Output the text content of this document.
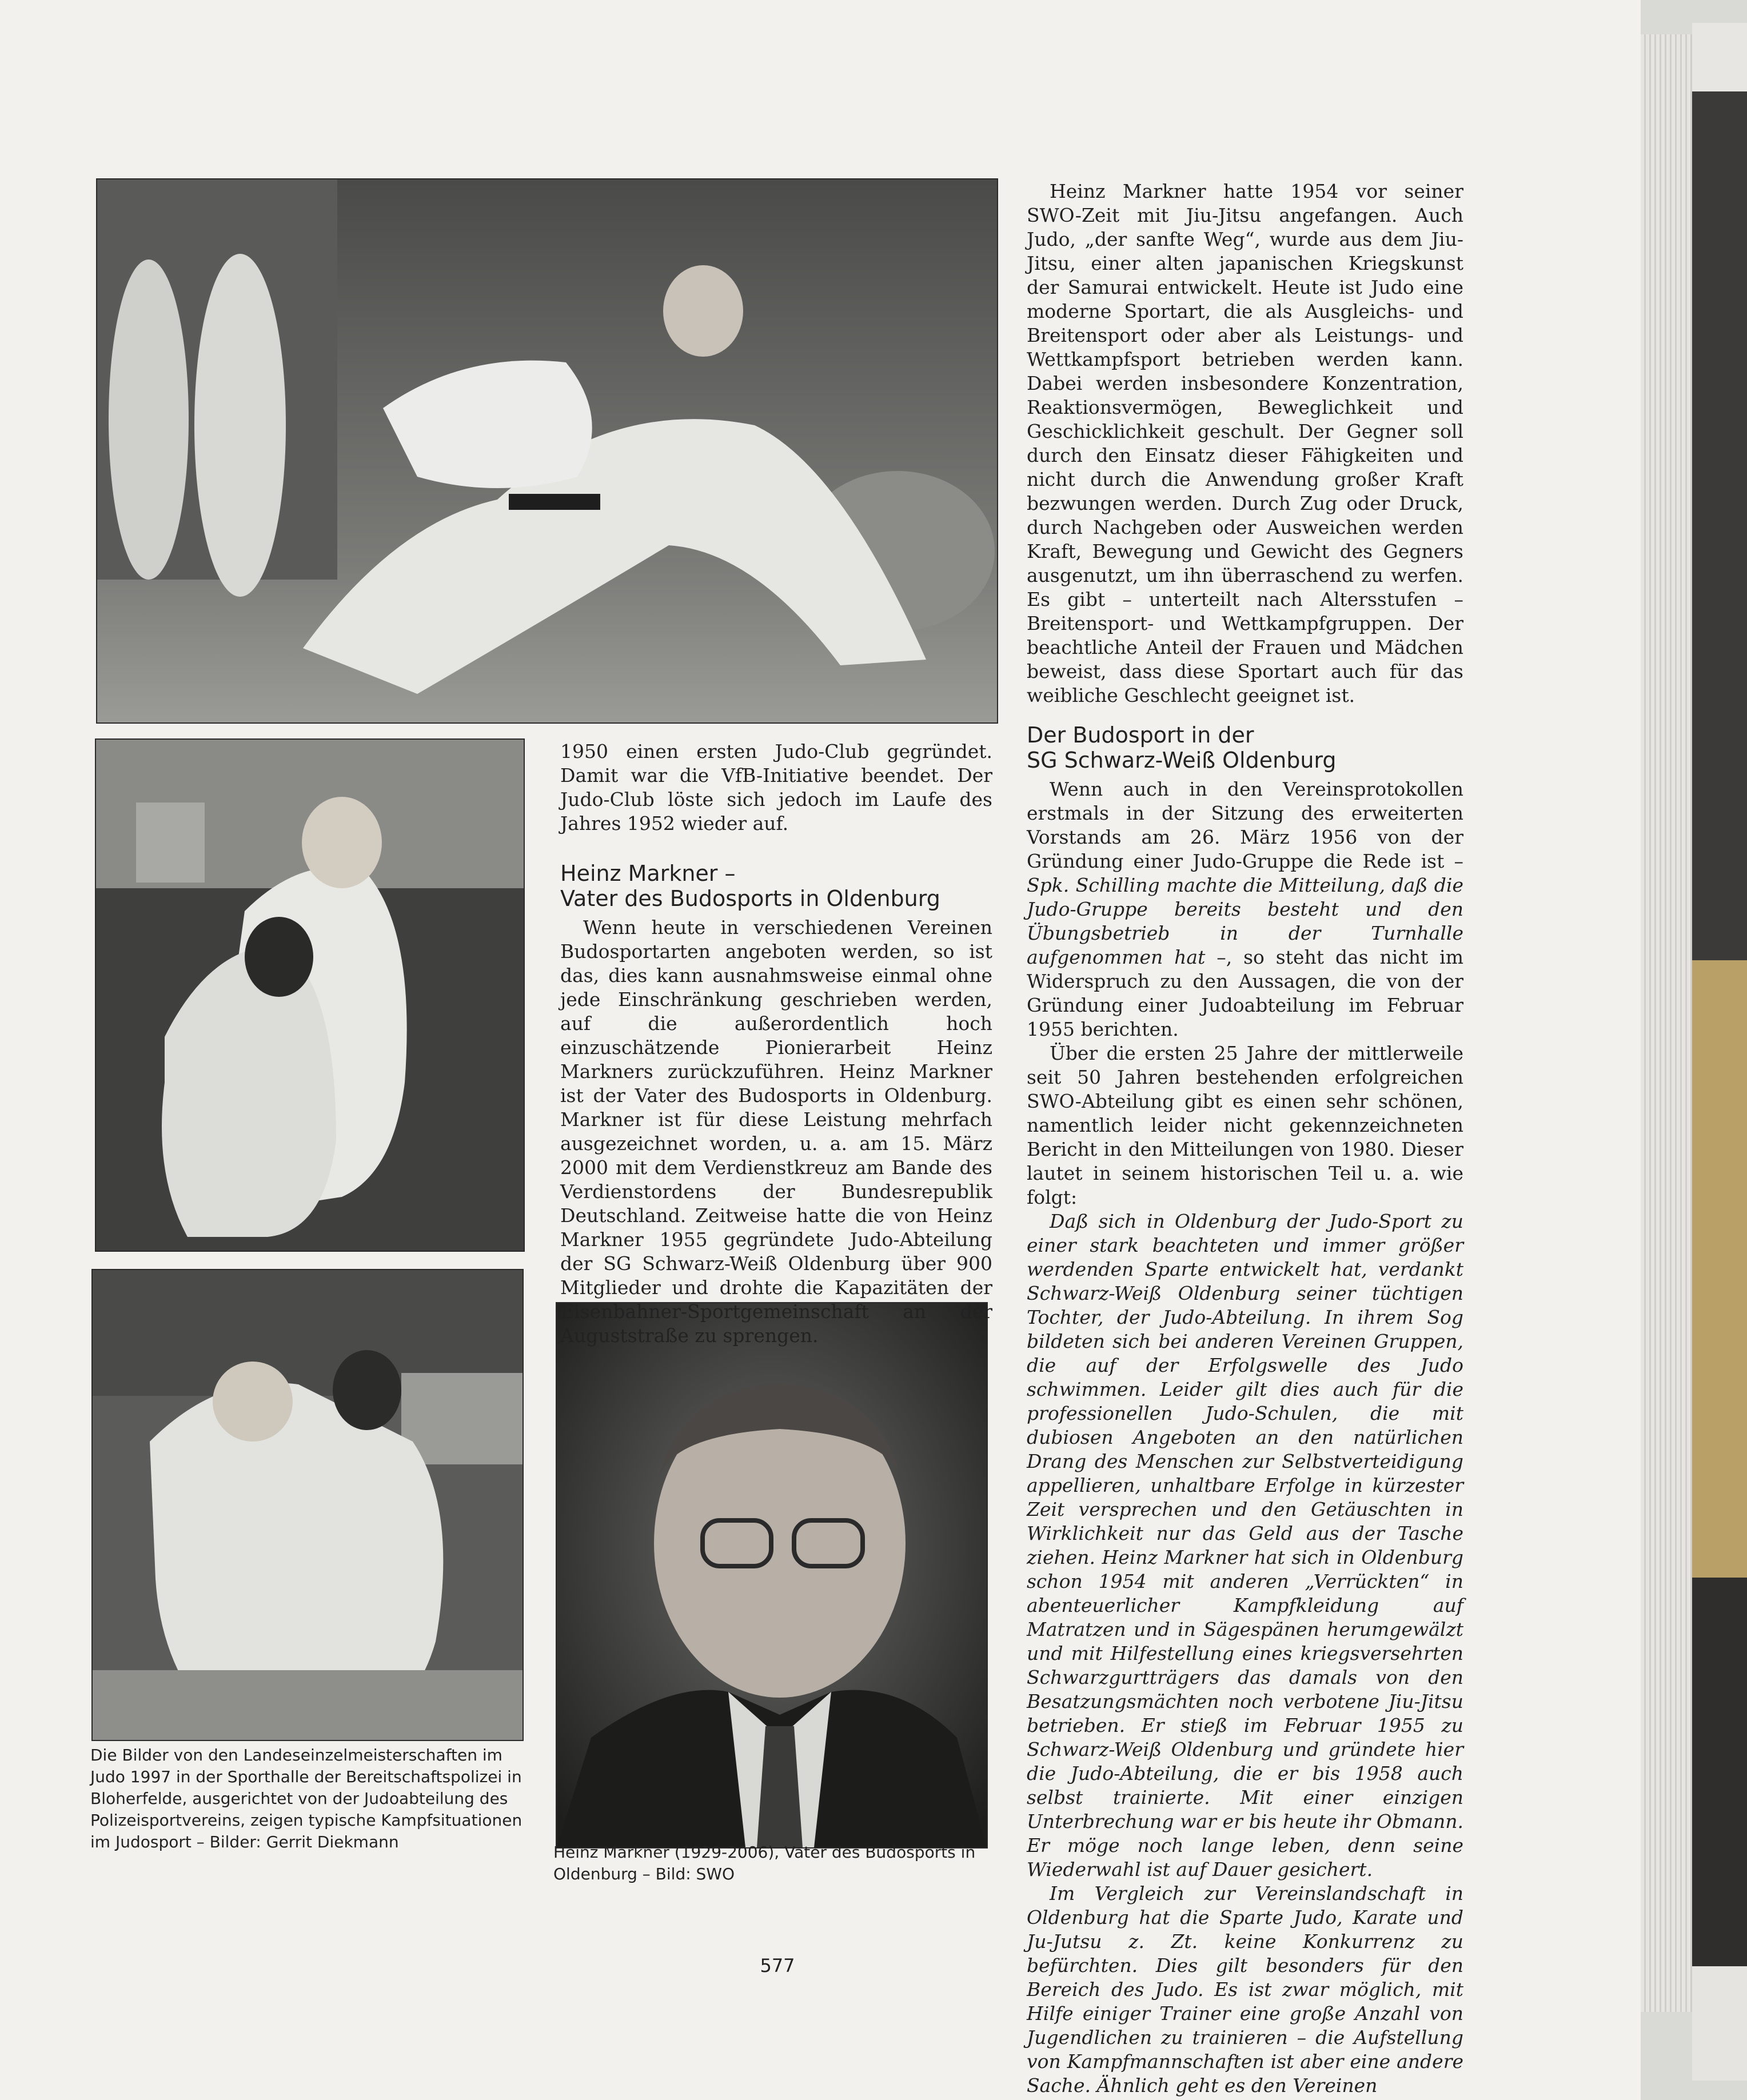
Heinz Markner hatte 1954 vor seiner SWO-Zeit mit Jiu-Jitsu angefangen. Auch Judo, „der sanfte Weg“, wurde aus dem Jiu-Jitsu, einer alten japanischen Kriegskunst der Samurai entwickelt. Heute ist Judo eine moderne Sportart, die als Ausgleichs- und Breitensport oder aber als Leistungs- und Wettkampfsport betrieben werden kann. Dabei werden insbesondere Konzentration, Reaktionsvermögen, Beweglichkeit und Geschicklichkeit geschult. Der Gegner soll durch den Einsatz dieser Fähigkeiten und nicht durch die Anwendung großer Kraft bezwungen werden. Durch Zug oder Druck, durch Nachgeben oder Ausweichen werden Kraft, Bewegung und Gewicht des Gegners ausgenutzt, um ihn überraschend zu werfen. Es gibt – unterteilt nach Altersstufen – Breitensport- und Wettkampfgruppen. Der beachtliche Anteil der Frauen und Mädchen beweist, dass diese Sportart auch für das weibliche Geschlecht geeignet ist.

Der Budosport in der
SG Schwarz-Weiß Oldenburg

Wenn auch in den Vereinsprotokollen erstmals in der Sitzung des erweiterten Vorstands am 26. März 1956 von der Gründung einer Judo-Gruppe die Rede ist – Spk. Schilling machte die Mitteilung, daß die Judo-Gruppe bereits besteht und den Übungsbetrieb in der Turnhalle aufgenommen hat –, so steht das nicht im Widerspruch zu den Aussagen, die von der Gründung einer Judoabteilung im Februar 1955 berichten.

Über die ersten 25 Jahre der mittlerweile seit 50 Jahren bestehenden erfolgreichen SWO-Abteilung gibt es einen sehr schönen, namentlich leider nicht gekennzeichneten Bericht in den Mitteilungen von 1980. Dieser lautet in seinem historischen Teil u. a. wie folgt:

Daß sich in Oldenburg der Judo-Sport zu einer stark beachteten und immer größer werdenden Sparte entwickelt hat, verdankt Schwarz-Weiß Oldenburg seiner tüchtigen Tochter, der Judo-Abteilung. In ihrem Sog bildeten sich bei anderen Vereinen Gruppen, die auf der Erfolgswelle des Judo schwimmen. Leider gilt dies auch für die professionellen Judo-Schulen, die mit dubiosen Angeboten an den natürlichen Drang des Menschen zur Selbstverteidigung appellieren, unhaltbare Erfolge in kürzester Zeit versprechen und den Getäuschten in Wirklichkeit nur das Geld aus der Tasche ziehen. Heinz Markner hat sich in Oldenburg schon 1954 mit anderen „Verrückten“ in abenteuerlicher Kampfkleidung auf Matratzen und in Sägespänen herumgewälzt und mit Hilfestellung eines kriegsversehrten Schwarzgurtträgers das damals von den Besatzungsmächten noch verbotene Jiu-Jitsu betrieben. Er stieß im Februar 1955 zu Schwarz-Weiß Oldenburg und gründete hier die Judo-Abteilung, die er bis 1958 auch selbst trainierte. Mit einer einzigen Unterbrechung war er bis heute ihr Obmann. Er möge noch lange leben, denn seine Wiederwahl ist auf Dauer gesichert.

Im Vergleich zur Vereinslandschaft in Oldenburg hat die Sparte Judo, Karate und Ju-Jutsu z. Zt. keine Konkurrenz zu befürchten. Dies gilt besonders für den Bereich des Judo. Es ist zwar möglich, mit Hilfe einiger Trainer eine große Anzahl von Jugendlichen zu trainieren – die Aufstellung von Kampfmannschaften ist aber eine andere Sache. Ähnlich geht es den Vereinen

1950 einen ersten Judo-Club gegründet. Damit war die VfB-Initiative beendet. Der Judo-Club löste sich jedoch im Laufe des Jahres 1952 wieder auf.

Heinz Markner –
Vater des Budosports in Oldenburg

Wenn heute in verschiedenen Vereinen Budosportarten angeboten werden, so ist das, dies kann ausnahmsweise einmal ohne jede Einschränkung geschrieben werden, auf die außerordentlich hoch einzuschätzende Pionierarbeit Heinz Markners zurückzuführen. Heinz Markner ist der Vater des Budosports in Oldenburg. Markner ist für diese Leistung mehrfach ausgezeichnet worden, u. a. am 15. März 2000 mit dem Verdienstkreuz am Bande des Verdienstordens der Bundesrepublik Deutschland. Zeitweise hatte die von Heinz Markner 1955 gegründete Judo-Abteilung der SG Schwarz-Weiß Oldenburg über 900 Mitglieder und drohte die Kapazitäten der Eisenbahner-Sportgemeinschaft an der Auguststraße zu sprengen.

Die Bilder von den Landeseinzelmeisterschaften im Judo 1997 in der Sporthalle der Bereitschaftspolizei in Bloherfelde, ausgerichtet von der Judoabteilung des Polizeisportvereins, zeigen typische Kampfsituationen im Judosport – Bilder: Gerrit Diekmann
Heinz Markner (1929-2006), Vater des Budosports in Oldenburg – Bild: SWO
577
